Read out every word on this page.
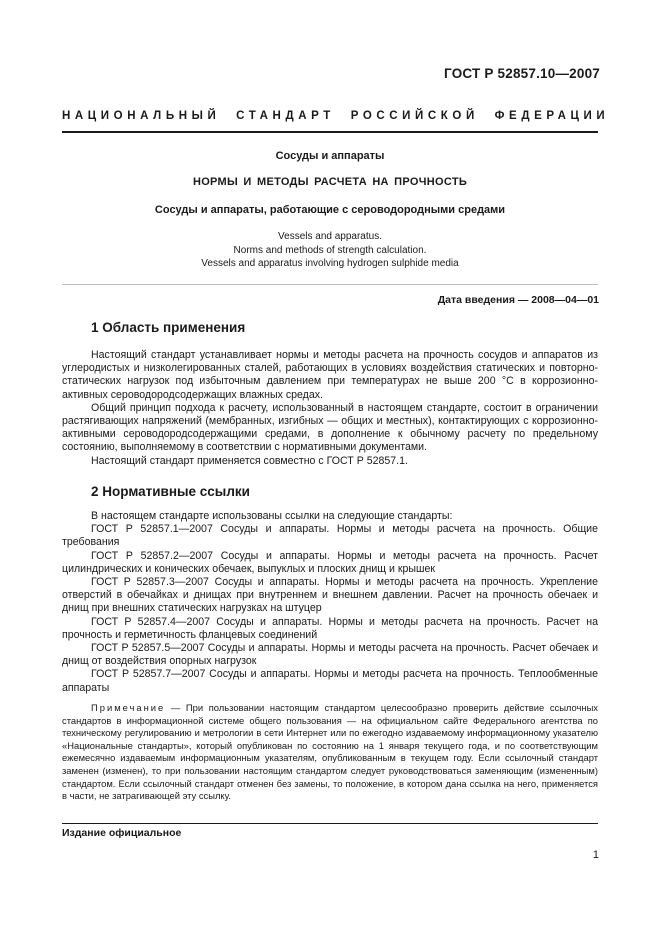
ГОСТ Р 52857.10—2007
НАЦИОНАЛЬНЫЙ СТАНДАРТ РОССИЙСКОЙ ФЕДЕРАЦИИ
Сосуды и аппараты
НОРМЫ И МЕТОДЫ РАСЧЕТА НА ПРОЧНОСТЬ
Сосуды и аппараты, работающие с сероводородными средами
Vessels and apparatus.
Norms and methods of strength calculation.
Vessels and apparatus involving hydrogen sulphide media
Дата введения — 2008—04—01
1 Область применения

Настоящий стандарт устанавливает нормы и методы расчета на прочность сосудов и аппаратов из углеродистых и низколегированных сталей, работающих в условиях воздействия статических и повторно-статических нагрузок под избыточным давлением при температурах не выше 200 °С в коррозионно-активных сероводородсодержащих влажных средах.

Общий принцип подхода к расчету, использованный в настоящем стандарте, состоит в ограничении растягивающих напряжений (мембранных, изгибных — общих и местных), контактирующих с коррозионно-активными сероводородсодержащими средами, в дополнение к обычному расчету по предельному состоянию, выполняемому в соответствии с нормативными документами.

Настоящий стандарт применяется совместно с ГОСТ Р 52857.1.

2 Нормативные ссылки

В настоящем стандарте использованы ссылки на следующие стандарты:

ГОСТ Р 52857.1—2007 Сосуды и аппараты. Нормы и методы расчета на прочность. Общие требования

ГОСТ Р 52857.2—2007 Сосуды и аппараты. Нормы и методы расчета на прочность. Расчет цилиндрических и конических обечаек, выпуклых и плоских днищ и крышек

ГОСТ Р 52857.3—2007 Сосуды и аппараты. Нормы и методы расчета на прочность. Укрепление отверстий в обечайках и днищах при внутреннем и внешнем давлении. Расчет на прочность обечаек и днищ при внешних статических нагрузках на штуцер

ГОСТ Р 52857.4—2007 Сосуды и аппараты. Нормы и методы расчета на прочность. Расчет на прочность и герметичность фланцевых соединений

ГОСТ Р 52857.5—2007 Сосуды и аппараты. Нормы и методы расчета на прочность. Расчет обечаек и днищ от воздействия опорных нагрузок

ГОСТ Р 52857.7—2007 Сосуды и аппараты. Нормы и методы расчета на прочность. Теплообменные аппараты

Примечание — При пользовании настоящим стандартом целесообразно проверить действие ссылочных стандартов в информационной системе общего пользования — на официальном сайте Федерального агентства по техническому регулированию и метрологии в сети Интернет или по ежегодно издаваемому информационному указателю «Национальные стандарты», который опубликован по состоянию на 1 января текущего года, и по соответствующим ежемесячно издаваемым информационным указателям, опубликованным в текущем году. Если ссылочный стандарт заменен (изменен), то при пользовании настоящим стандартом следует руководствоваться заменяющим (измененным) стандартом. Если ссылочный стандарт отменен без замены, то положение, в котором дана ссылка на него, применяется в части, не затрагивающей эту ссылку.
Издание официальное
1
